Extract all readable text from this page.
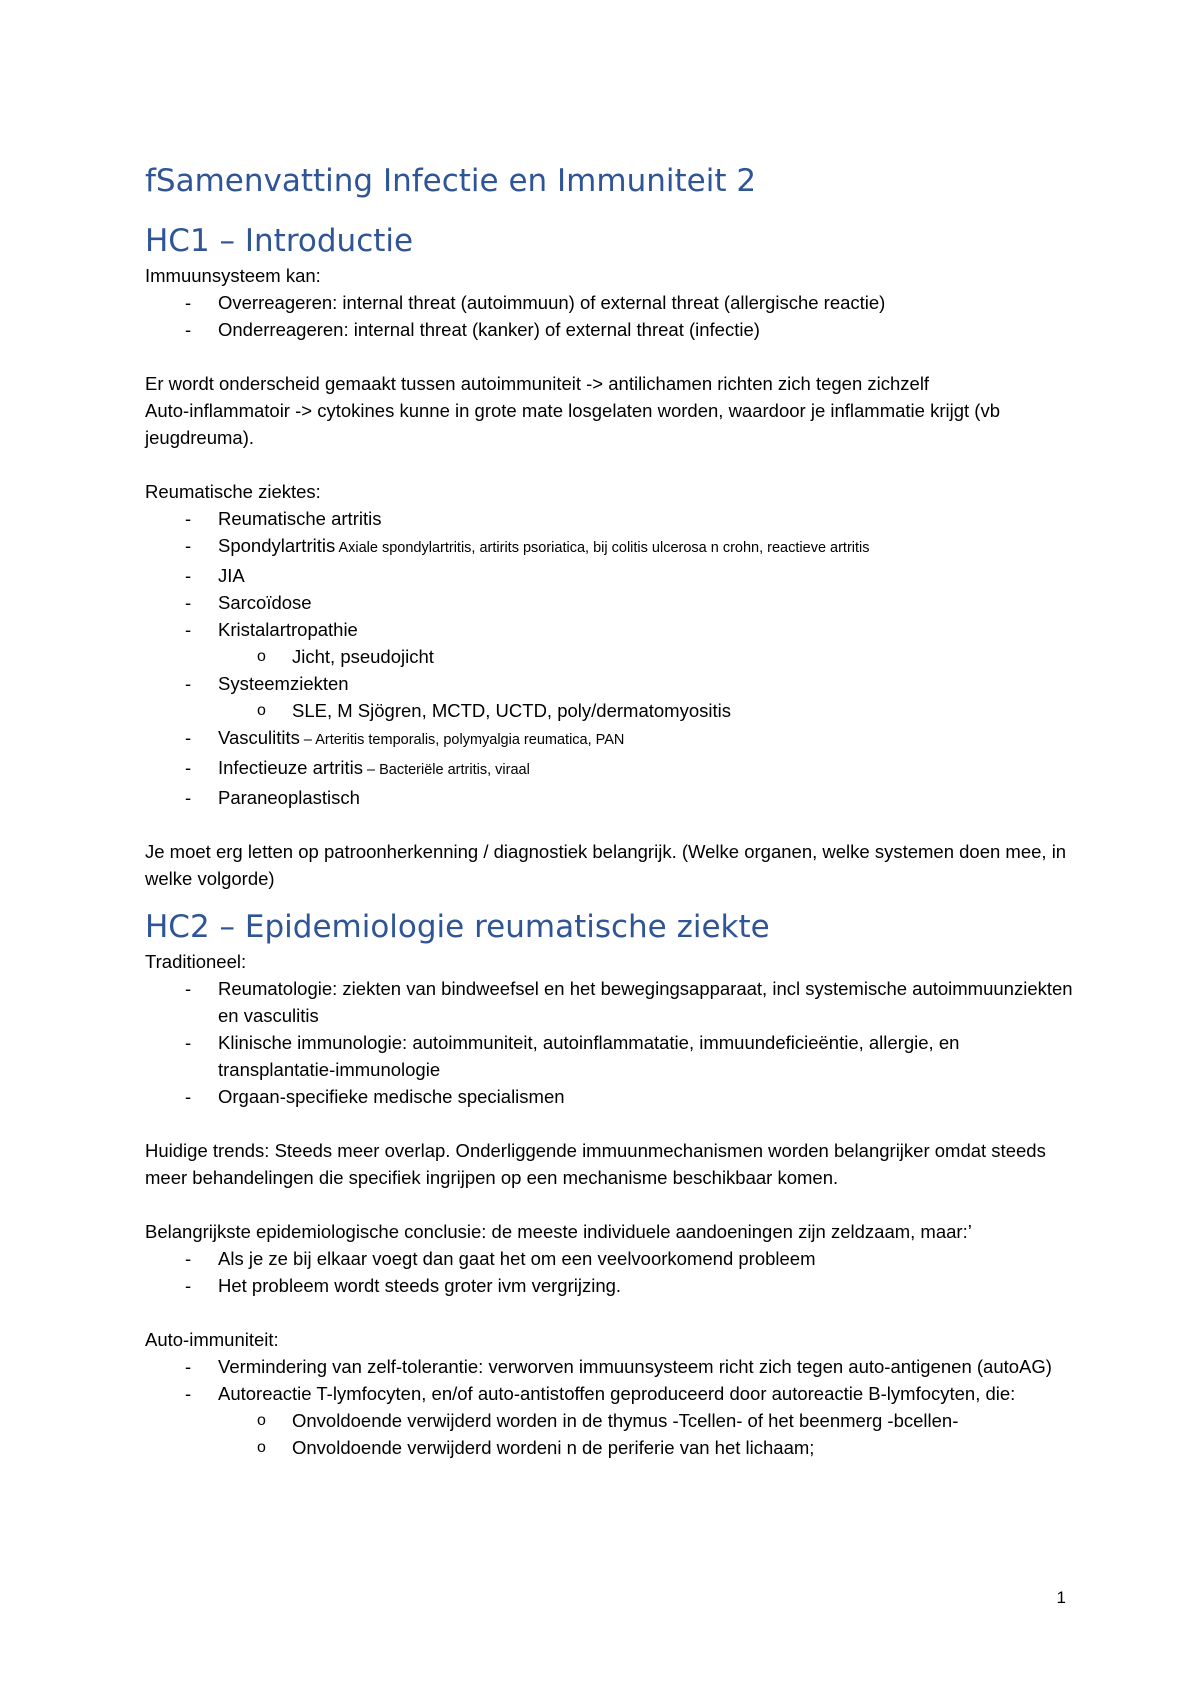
fSamenvatting Infectie en Immuniteit 2
HC1 – Introductie

Immuunsysteem kan:

- Overreageren: internal threat (autoimmuun) of external threat (allergische reactie)
- Onderreageren: internal threat (kanker) of external threat (infectie)

Er wordt onderscheid gemaakt tussen autoimmuniteit -> antilichamen richten zich tegen zichzelf

Auto-inflammatoir -> cytokines kunne in grote mate losgelaten worden, waardoor je inflammatie krijgt (vb jeugdreuma).

Reumatische ziektes:

- Reumatische artritis
- Spondylartritis Axiale spondylartritis, artirits psoriatica, bij colitis ulcerosa n crohn, reactieve artritis
- JIA
- Sarcoïdose
- Kristalartropathie
o Jicht, pseudojicht
- Systeemziekten
o SLE, M Sjögren, MCTD, UCTD, poly/dermatomyositis
- Vasculitits – Arteritis temporalis, polymyalgia reumatica, PAN
- Infectieuze artritis – Bacteriële artritis, viraal
- Paraneoplastisch

Je moet erg letten op patroonherkenning / diagnostiek belangrijk. (Welke organen, welke systemen doen mee, in welke volgorde)

HC2 – Epidemiologie reumatische ziekte

Traditioneel:

- Reumatologie: ziekten van bindweefsel en het bewegingsapparaat, incl systemische autoimmuunziekten en vasculitis
- Klinische immunologie: autoimmuniteit, autoinflammatatie, immuundeficieëntie, allergie, en transplantatie-immunologie
- Orgaan-specifieke medische specialismen

Huidige trends: Steeds meer overlap. Onderliggende immuunmechanismen worden belangrijker omdat steeds meer behandelingen die specifiek ingrijpen op een mechanisme beschikbaar komen.

Belangrijkste epidemiologische conclusie: de meeste individuele aandoeningen zijn zeldzaam, maar:’

- Als je ze bij elkaar voegt dan gaat het om een veelvoorkomend probleem
- Het probleem wordt steeds groter ivm vergrijzing.

Auto-immuniteit:

- Vermindering van zelf-tolerantie: verworven immuunsysteem richt zich tegen auto-antigenen (autoAG)
- Autoreactie T-lymfocyten, en/of auto-antistoffen geproduceerd door autoreactie B-lymfocyten, die:
o Onvoldoende verwijderd worden in de thymus -Tcellen- of het beenmerg -bcellen-
o Onvoldoende verwijderd wordeni n de periferie van het lichaam;
1
